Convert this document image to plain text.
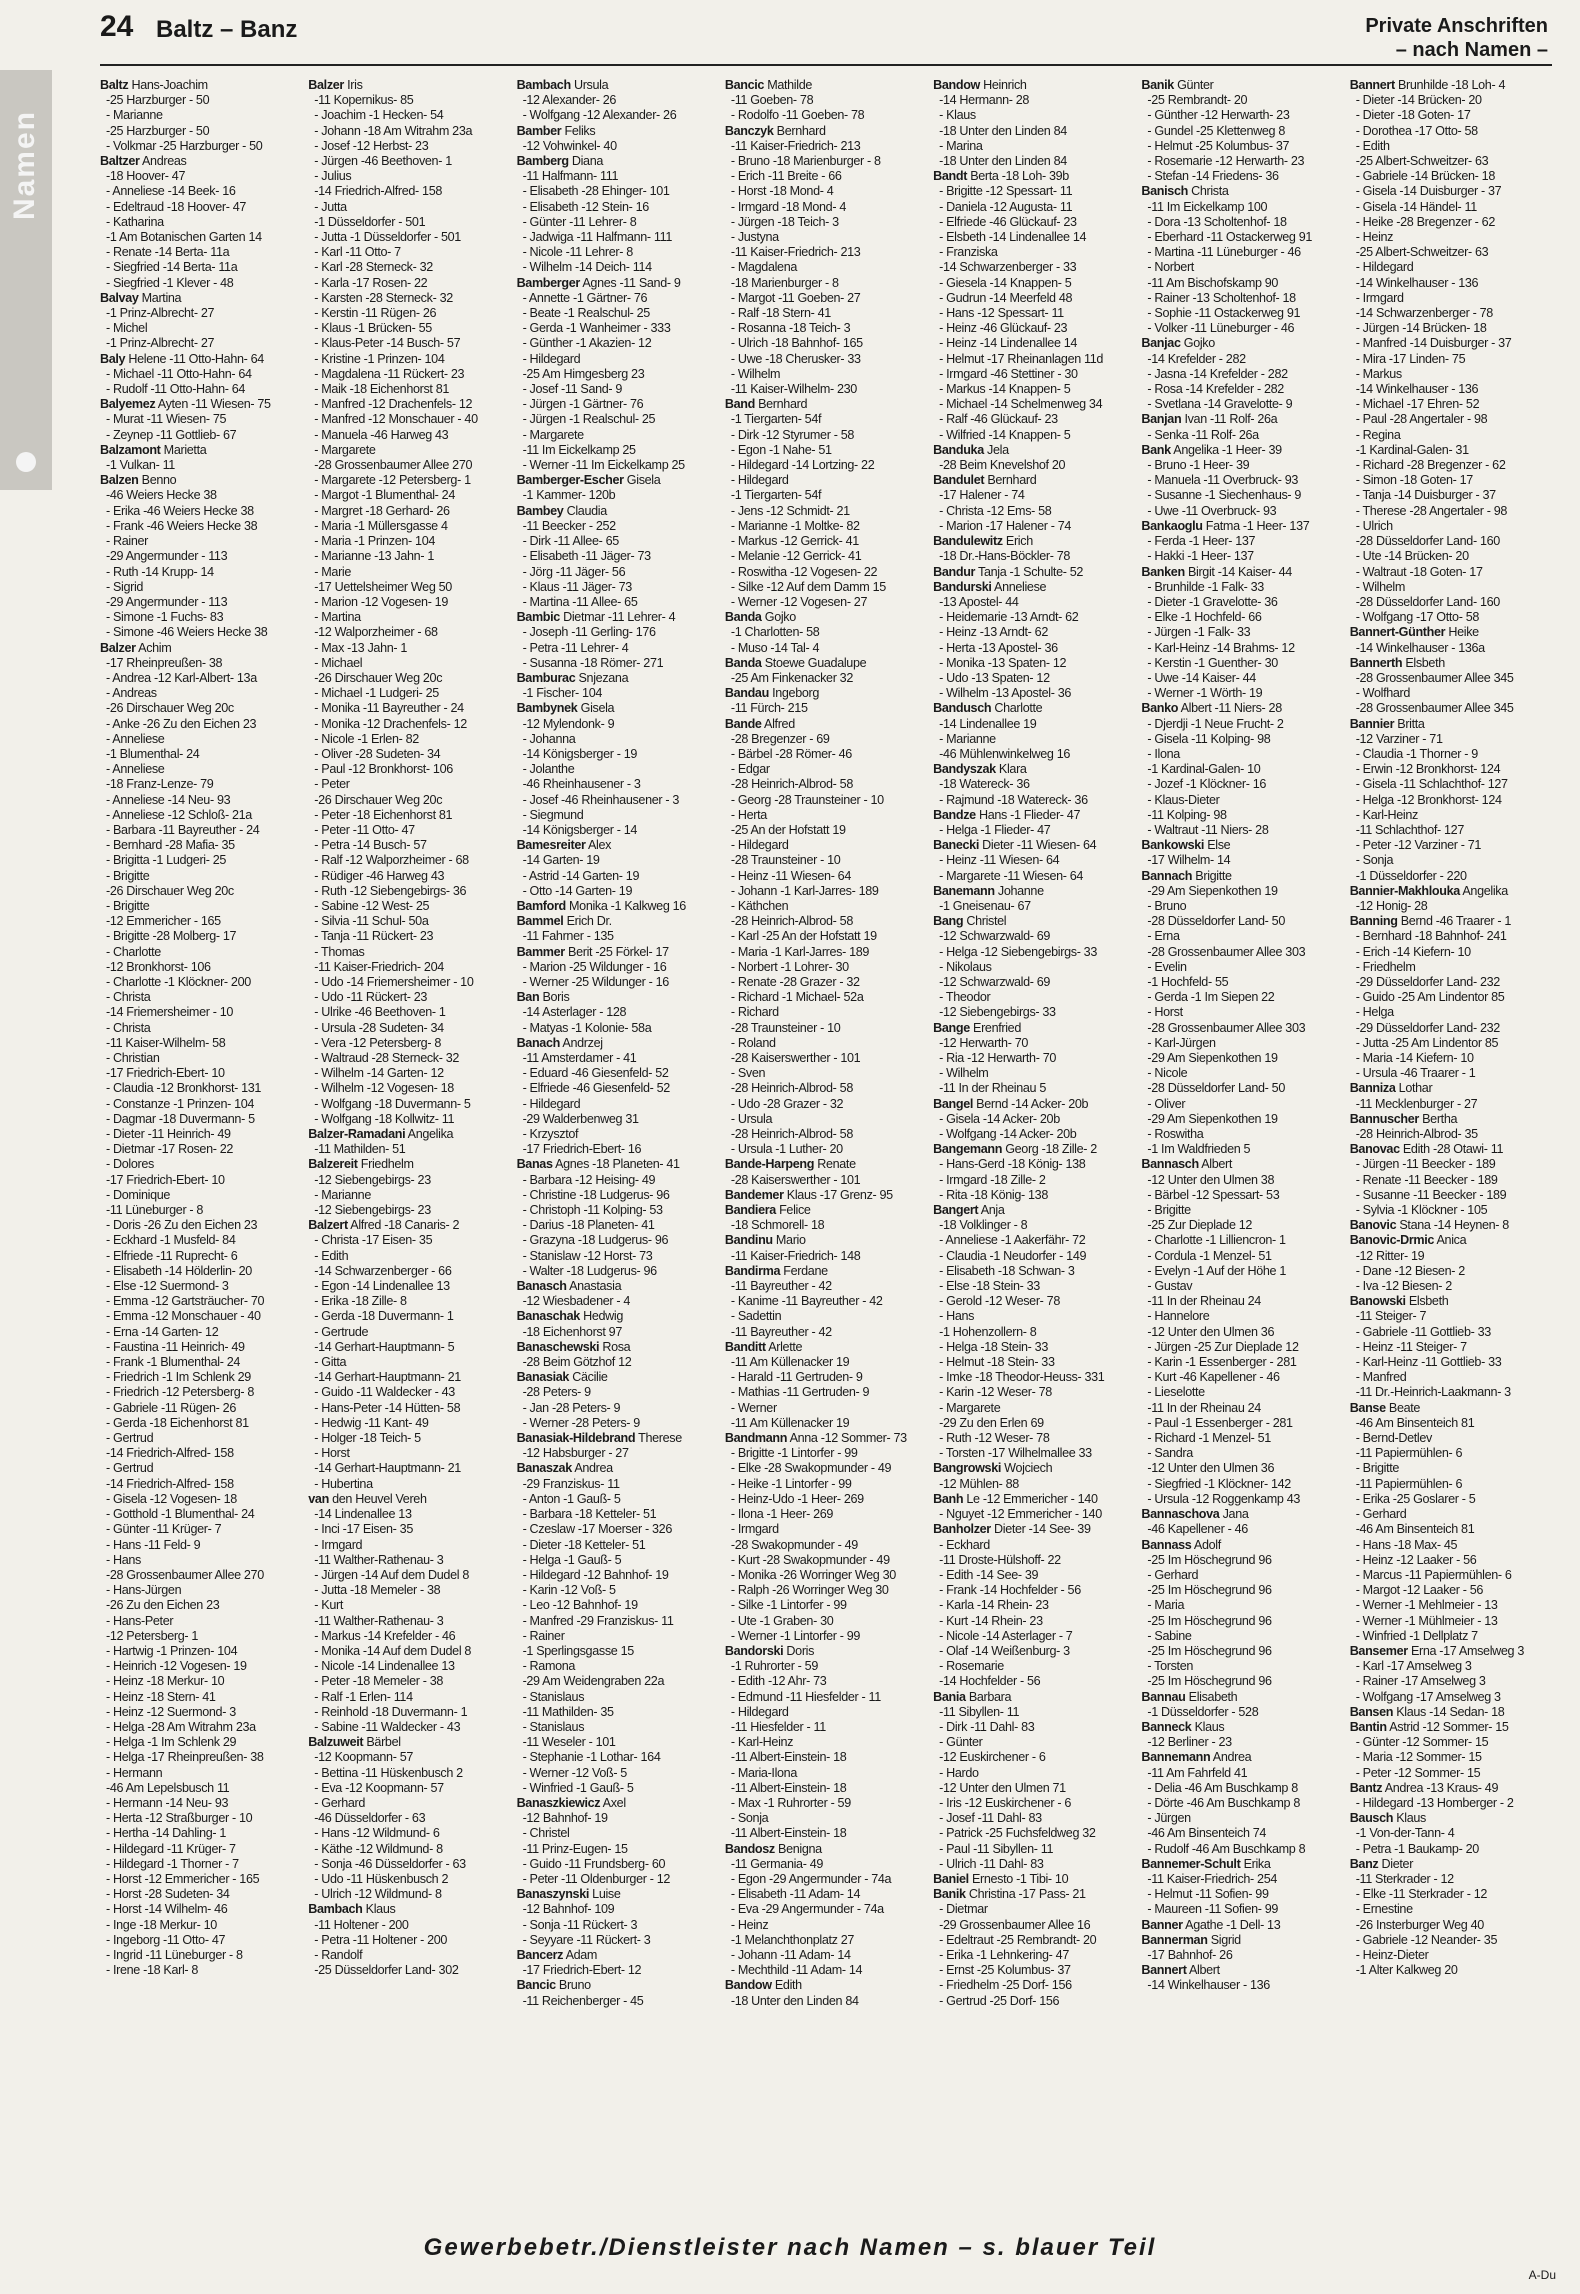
24 Baltz – Banz	Private Anschriften
– nach Namen –
Namen
Baltz Hans-Joachim
-25 Harzburger - 50
- Marianne
-25 Harzburger - 50
- Volkmar -25 Harzburger - 50
Baltzer Andreas
-18 Hoover- 47
- Anneliese -14 Beek- 16
- Edeltraud -18 Hoover- 47
- Katharina
-1 Am Botanischen Garten 14
- Renate -14 Berta- 11a
- Siegfried -14 Berta- 11a
- Siegfried -1 Klever - 48
Balvay Martina
-1 Prinz-Albrecht- 27
- Michel
-1 Prinz-Albrecht- 27
Baly Helene -11 Otto-Hahn- 64
- Michael -11 Otto-Hahn- 64
- Rudolf -11 Otto-Hahn- 64
Balyemez Ayten -11 Wiesen- 75
- Murat -11 Wiesen- 75
- Zeynep -11 Gottlieb- 67
Balzamont Marietta
-1 Vulkan- 11
Balzen Benno
-46 Weiers Hecke 38
- Erika -46 Weiers Hecke 38
- Frank -46 Weiers Hecke 38
- Rainer
-29 Angermunder - 113
- Ruth -14 Krupp- 14
- Sigrid
-29 Angermunder - 113
- Simone -1 Fuchs- 83
- Simone -46 Weiers Hecke 38
Balzer Achim
-17 Rheinpreußen- 38
- Andrea -12 Karl-Albert- 13a
- Andreas
-26 Dirschauer Weg 20c
- Anke -26 Zu den Eichen 23
- Anneliese
-1 Blumenthal- 24
- Anneliese
-18 Franz-Lenze- 79
- Anneliese -14 Neu- 93
- Anneliese -12 Schloß- 21a
- Barbara -11 Bayreuther - 24
- Bernhard -28 Mafia- 35
- Brigitta -1 Ludgeri- 25
- Brigitte
-26 Dirschauer Weg 20c
- Brigitte
-12 Emmericher - 165
- Brigitte -28 Molberg- 17
- Charlotte
-12 Bronkhorst- 106
- Charlotte -1 Klöckner- 200
- Christa
-14 Friemersheimer - 10
- Christa
-11 Kaiser-Wilhelm- 58
- Christian
-17 Friedrich-Ebert- 10
- Claudia -12 Bronkhorst- 131
- Constanze -1 Prinzen- 104
- Dagmar -18 Duvermann- 5
- Dieter -11 Heinrich- 49
- Dietmar -17 Rosen- 22
- Dolores
-17 Friedrich-Ebert- 10
- Dominique
-11 Lüneburger - 8
- Doris -26 Zu den Eichen 23
- Eckhard -1 Musfeld- 84
- Elfriede -11 Ruprecht- 6
- Elisabeth -14 Hölderlin- 20
- Else -12 Suermond- 3
- Emma -12 Gartsträucher- 70
- Emma -12 Monschauer - 40
- Erna -14 Garten- 12
- Faustina -11 Heinrich- 49
- Frank -1 Blumenthal- 24
- Friedrich -1 Im Schlenk 29
- Friedrich -12 Petersberg- 8
- Gabriele -11 Rügen- 26
- Gerda -18 Eichenhorst 81
- Gertrud
-14 Friedrich-Alfred- 158
- Gertrud
-14 Friedrich-Alfred- 158
- Gisela -12 Vogesen- 18
- Gotthold -1 Blumenthal- 24
- Günter -11 Krüger- 7
- Hans -11 Feld- 9
- Hans
-28 Grossenbaumer Allee 270
- Hans-Jürgen
-26 Zu den Eichen 23
- Hans-Peter
-12 Petersberg- 1
- Hartwig -1 Prinzen- 104
- Heinrich -12 Vogesen- 19
- Heinz -18 Merkur- 10
- Heinz -18 Stern- 41
- Heinz -12 Suermond- 3
- Helga -28 Am Witrahm 23a
- Helga -1 Im Schlenk 29
- Helga -17 Rheinpreußen- 38
- Hermann
-46 Am Lepelsbusch 11
- Hermann -14 Neu- 93
- Herta -12 Straßburger - 10
- Hertha -14 Dahling- 1
- Hildegard -11 Krüger- 7
- Hildegard -1 Thorner - 7
- Horst -12 Emmericher - 165
- Horst -28 Sudeten- 34
- Horst -14 Wilhelm- 46
- Inge -18 Merkur- 10
- Ingeborg -11 Otto- 47
- Ingrid -11 Lüneburger - 8
- Irene -18 Karl- 8
Balzer Iris
-11 Kopernikus- 85
- Joachim -1 Hecken- 54
- Johann -18 Am Witrahm 23a
- Josef -12 Herbst- 23
- Jürgen -46 Beethoven- 1
- Julius
-14 Friedrich-Alfred- 158
- Jutta
-1 Düsseldorfer - 501
- Jutta -1 Düsseldorfer - 501
- Karl -11 Otto- 7
- Karl -28 Sterneck- 32
- Karla -17 Rosen- 22
- Karsten -28 Sterneck- 32
- Kerstin -11 Rügen- 26
- Klaus -1 Brücken- 55
- Klaus-Peter -14 Busch- 57
- Kristine -1 Prinzen- 104
- Magdalena -11 Rückert- 23
- Maik -18 Eichenhorst 81
- Manfred -12 Drachenfels- 12
- Manfred -12 Monschauer - 40
- Manuela -46 Harweg 43
- Margarete
-28 Grossenbaumer Allee 270
- Margarete -12 Petersberg- 1
- Margot -1 Blumenthal- 24
- Margret -18 Gerhard- 26
- Maria -1 Müllersgasse 4
- Maria -1 Prinzen- 104
- Marianne -13 Jahn- 1
- Marie
-17 Uettelsheimer Weg 50
- Marion -12 Vogesen- 19
- Martina
-12 Walporzheimer - 68
- Max -13 Jahn- 1
- Michael
-26 Dirschauer Weg 20c
- Michael -1 Ludgeri- 25
- Monika -11 Bayreuther - 24
- Monika -12 Drachenfels- 12
- Nicole -1 Erlen- 82
- Oliver -28 Sudeten- 34
- Paul -12 Bronkhorst- 106
- Peter
-26 Dirschauer Weg 20c
- Peter -18 Eichenhorst 81
- Peter -11 Otto- 47
- Petra -14 Busch- 57
- Ralf -12 Walporzheimer - 68
- Rüdiger -46 Harweg 43
- Ruth -12 Siebengebirgs- 36
- Sabine -12 West- 25
- Silvia -11 Schul- 50a
- Tanja -11 Rückert- 23
- Thomas
-11 Kaiser-Friedrich- 204
- Udo -14 Friemersheimer - 10
- Udo -11 Rückert- 23
- Ulrike -46 Beethoven- 1
- Ursula -28 Sudeten- 34
- Vera -12 Petersberg- 8
- Waltraud -28 Sterneck- 32
- Wilhelm -14 Garten- 12
- Wilhelm -12 Vogesen- 18
- Wolfgang -18 Duvermann- 5
- Wolfgang -18 Kollwitz- 11
Balzer-Ramadani Angelika
-11 Mathilden- 51
Balzereit Friedhelm
-12 Siebengebirgs- 23
- Marianne
-12 Siebengebirgs- 23
Balzert Alfred -18 Canaris- 2
- Christa -17 Eisen- 35
- Edith
-14 Schwarzenberger - 66
- Egon -14 Lindenallee 13
- Erika -18 Zille- 8
- Gerda -18 Duvermann- 1
- Gertrude
-14 Gerhart-Hauptmann- 5
- Gitta
-14 Gerhart-Hauptmann- 21
- Guido -11 Waldecker - 43
- Hans-Peter -14 Hütten- 58
- Hedwig -11 Kant- 49
- Holger -18 Teich- 5
- Horst
-14 Gerhart-Hauptmann- 21
- Hubertina
van den Heuvel Vereh
-14 Lindenallee 13
- Inci -17 Eisen- 35
- Irmgard
-11 Walther-Rathenau- 3
- Jürgen -14 Auf dem Dudel 8
- Jutta -18 Memeler - 38
- Kurt
-11 Walther-Rathenau- 3
- Markus -14 Krefelder - 46
- Monika -14 Auf dem Dudel 8
- Nicole -14 Lindenallee 13
- Peter -18 Memeler - 38
- Ralf -1 Erlen- 114
- Reinhold -18 Duvermann- 1
- Sabine -11 Waldecker - 43
Balzuweit Bärbel
-12 Koopmann- 57
- Bettina -11 Hüskenbusch 2
- Eva -12 Koopmann- 57
- Gerhard
-46 Düsseldorfer - 63
- Hans -12 Wildmund- 6
- Käthe -12 Wildmund- 8
- Sonja -46 Düsseldorfer - 63
- Udo -11 Hüskenbusch 2
- Ulrich -12 Wildmund- 8
Bambach Klaus
-11 Holtener - 200
- Petra -11 Holtener - 200
- Randolf
-25 Düsseldorfer Land- 302
Bambach Ursula
-12 Alexander- 26
- Wolfgang -12 Alexander- 26
Bamber Feliks
-12 Vohwinkel- 40
Bamberg Diana
-11 Halfmann- 111
- Elisabeth -28 Ehinger- 101
- Elisabeth -12 Stein- 16
- Günter -11 Lehrer- 8
- Jadwiga -11 Halfmann- 111
- Nicole -11 Lehrer- 8
- Wilhelm -14 Deich- 114
Bamberger Agnes -11 Sand- 9
- Annette -1 Gärtner- 76
- Beate -1 Realschul- 25
- Gerda -1 Wanheimer - 333
- Günther -1 Akazien- 12
- Hildegard
-25 Am Himgesberg 23
- Josef -11 Sand- 9
- Jürgen -1 Gärtner- 76
- Jürgen -1 Realschul- 25
- Margarete
-11 Im Eickelkamp 25
- Werner -11 Im Eickelkamp 25
Bamberger-Escher Gisela
-1 Kammer- 120b
Bambey Claudia
-11 Beecker - 252
- Dirk -11 Allee- 65
- Elisabeth -11 Jäger- 73
- Jörg -11 Jäger- 56
- Klaus -11 Jäger- 73
- Martina -11 Allee- 65
Bambic Dietmar -11 Lehrer- 4
- Joseph -11 Gerling- 176
- Petra -11 Lehrer- 4
- Susanna -18 Römer- 271
Bamburac Snjezana
-1 Fischer- 104
Bambynek Gisela
-12 Mylendonk- 9
- Johanna
-14 Königsberger - 19
- Jolanthe
-46 Rheinhausener - 3
- Josef -46 Rheinhausener - 3
- Siegmund
-14 Königsberger - 14
Bamesreiter Alex
-14 Garten- 19
- Astrid -14 Garten- 19
- Otto -14 Garten- 19
Bamford Monika -1 Kalkweg 16
Bammel Erich Dr.
-11 Fahrner - 135
Bammer Berit -25 Förkel- 17
- Marion -25 Wildunger - 16
- Werner -25 Wildunger - 16
Ban Boris
-14 Asterlager - 128
- Matyas -1 Kolonie- 58a
Banach Andrzej
-11 Amsterdamer - 41
- Eduard -46 Giesenfeld- 52
- Elfriede -46 Giesenfeld- 52
- Hildegard
-29 Walderbenweg 31
- Krzysztof
-17 Friedrich-Ebert- 16
Banas Agnes -18 Planeten- 41
- Barbara -12 Heising- 49
- Christine -18 Ludgerus- 96
- Christoph -11 Kolping- 53
- Darius -18 Planeten- 41
- Grazyna -18 Ludgerus- 96
- Stanislaw -12 Horst- 73
- Walter -18 Ludgerus- 96
Banasch Anastasia
-12 Wiesbadener - 4
Banaschak Hedwig
-18 Eichenhorst 97
Banaschewski Rosa
-28 Beim Götzhof 12
Banasiak Cäcilie
-28 Peters- 9
- Jan -28 Peters- 9
- Werner -28 Peters- 9
Banasiak-Hildebrand Therese
-12 Habsburger - 27
Banaszak Andrea
-29 Franziskus- 11
- Anton -1 Gauß- 5
- Barbara -18 Ketteler- 51
- Czeslaw -17 Moerser - 326
- Dieter -18 Ketteler- 51
- Helga -1 Gauß- 5
- Hildegard -12 Bahnhof- 19
- Karin -12 Voß- 5
- Leo -12 Bahnhof- 19
- Manfred -29 Franziskus- 11
- Rainer
-1 Sperlingsgasse 15
- Ramona
-29 Am Weidengraben 22a
- Stanislaus
-11 Mathilden- 35
- Stanislaus
-11 Weseler - 101
- Stephanie -1 Lothar- 164
- Werner -12 Voß- 5
- Winfried -1 Gauß- 5
Banaszkiewicz Axel
-12 Bahnhof- 19
- Christel
-11 Prinz-Eugen- 15
- Guido -11 Frundsberg- 60
- Peter -11 Oldenburger - 12
Banaszynski Luise
-12 Bahnhof- 109
- Sonja -11 Rückert- 3
- Seyyare -11 Rückert- 3
Bancerz Adam
-17 Friedrich-Ebert- 12
Bancic Bruno
-11 Reichenberger - 45
Bancic Mathilde
-11 Goeben- 78
- Rodolfo -11 Goeben- 78
Banczyk Bernhard
-11 Kaiser-Friedrich- 213
- Bruno -18 Marienburger - 8
- Erich -11 Breite - 66
- Horst -18 Mond- 4
- Irmgard -18 Mond- 4
- Jürgen -18 Teich- 3
- Justyna
-11 Kaiser-Friedrich- 213
- Magdalena
-18 Marienburger - 8
- Margot -11 Goeben- 27
- Ralf -18 Stern- 41
- Rosanna -18 Teich- 3
- Ulrich -18 Bahnhof- 165
- Uwe -18 Cherusker- 33
- Wilhelm
-11 Kaiser-Wilhelm- 230
Band Bernhard
-1 Tiergarten- 54f
- Dirk -12 Styrumer - 58
- Egon -1 Nahe- 51
- Hildegard -14 Lortzing- 22
- Hildegard
-1 Tiergarten- 54f
- Jens -12 Schmidt- 21
- Marianne -1 Moltke- 82
- Markus -12 Gerrick- 41
- Melanie -12 Gerrick- 41
- Roswitha -12 Vogesen- 22
- Silke -12 Auf dem Damm 15
- Werner -12 Vogesen- 27
Banda Gojko
-1 Charlotten- 58
- Muso -14 Tal- 4
Banda Stoewe Guadalupe
-25 Am Finkenacker 32
Bandau Ingeborg
-11 Fürch- 215
Bande Alfred
-28 Bregenzer - 69
- Bärbel -28 Römer- 46
- Edgar
-28 Heinrich-Albrod- 58
- Georg -28 Traunsteiner - 10
- Herta
-25 An der Hofstatt 19
- Hildegard
-28 Traunsteiner - 10
- Heinz -11 Wiesen- 64
- Johann -1 Karl-Jarres- 189
- Käthchen
-28 Heinrich-Albrod- 58
- Karl -25 An der Hofstatt 19
- Maria -1 Karl-Jarres- 189
- Norbert -1 Lohrer- 30
- Renate -28 Grazer - 32
- Richard -1 Michael- 52a
- Richard
-28 Traunsteiner - 10
- Roland
-28 Kaiserswerther - 101
- Sven
-28 Heinrich-Albrod- 58
- Udo -28 Grazer - 32
- Ursula
-28 Heinrich-Albrod- 58
- Ursula -1 Luther- 20
Bande-Harpeng Renate
-28 Kaiserswerther - 101
Bandemer Klaus -17 Grenz- 95
Bandiera Felice
-18 Schmorell- 18
Bandinu Mario
-11 Kaiser-Friedrich- 148
Bandirma Ferdane
-11 Bayreuther - 42
- Kanime -11 Bayreuther - 42
- Sadettin
-11 Bayreuther - 42
Banditt Arlette
-11 Am Küllenacker 19
- Harald -11 Gertruden- 9
- Mathias -11 Gertruden- 9
- Werner
-11 Am Küllenacker 19
Bandmann Anna -12 Sommer- 73
- Brigitte -1 Lintorfer - 99
- Elke -28 Swakopmunder - 49
- Heike -1 Lintorfer - 99
- Heinz-Udo -1 Heer- 269
- Ilona -1 Heer- 269
- Irmgard
-28 Swakopmunder - 49
- Kurt -28 Swakopmunder - 49
- Monika -26 Worringer Weg 30
- Ralph -26 Worringer Weg 30
- Silke -1 Lintorfer - 99
- Ute -1 Graben- 30
- Werner -1 Lintorfer - 99
Bandorski Doris
-1 Ruhrorter - 59
- Edith -12 Ahr- 73
- Edmund -11 Hiesfelder - 11
- Hildegard
-11 Hiesfelder - 11
- Karl-Heinz
-11 Albert-Einstein- 18
- Maria-Ilona
-11 Albert-Einstein- 18
- Max -1 Ruhrorter - 59
- Sonja
-11 Albert-Einstein- 18
Bandosz Benigna
-11 Germania- 49
- Egon -29 Angermunder - 74a
- Elisabeth -11 Adam- 14
- Eva -29 Angermunder - 74a
- Heinz
-1 Melanchthonplatz 27
- Johann -11 Adam- 14
- Mechthild -11 Adam- 14
Bandow Edith
-18 Unter den Linden 84
Bandow Heinrich
-14 Hermann- 28
- Klaus
-18 Unter den Linden 84
- Marina
-18 Unter den Linden 84
Bandt Berta -18 Loh- 39b
- Brigitte -12 Spessart- 11
- Daniela -12 Augusta- 11
- Elfriede -46 Glückauf- 23
- Elsbeth -14 Lindenallee 14
- Franziska
-14 Schwarzenberger - 33
- Giesela -14 Knappen- 5
- Gudrun -14 Meerfeld 48
- Hans -12 Spessart- 11
- Heinz -46 Glückauf- 23
- Heinz -14 Lindenallee 14
- Helmut -17 Rheinanlagen 11d
- Irmgard -46 Stettiner - 30
- Markus -14 Knappen- 5
- Michael -14 Schelmenweg 34
- Ralf -46 Glückauf- 23
- Wilfried -14 Knappen- 5
Banduka Jela
-28 Beim Knevelshof 20
Bandulet Bernhard
-17 Halener - 74
- Christa -12 Ems- 58
- Marion -17 Halener - 74
Bandulewitz Erich
-18 Dr.-Hans-Böckler- 78
Bandur Tanja -1 Schulte- 52
Bandurski Anneliese
-13 Apostel- 44
- Heidemarie -13 Arndt- 62
- Heinz -13 Arndt- 62
- Herta -13 Apostel- 36
- Monika -13 Spaten- 12
- Udo -13 Spaten- 12
- Wilhelm -13 Apostel- 36
Bandusch Charlotte
-14 Lindenallee 19
- Marianne
-46 Mühlenwinkelweg 16
Bandyszak Klara
-18 Watereck- 36
- Rajmund -18 Watereck- 36
Bandze Hans -1 Flieder- 47
- Helga -1 Flieder- 47
Banecki Dieter -11 Wiesen- 64
- Heinz -11 Wiesen- 64
- Margarete -11 Wiesen- 64
Banemann Johanne
-1 Gneisenau- 67
Bang Christel
-12 Schwarzwald- 69
- Helga -12 Siebengebirgs- 33
- Nikolaus
-12 Schwarzwald- 69
- Theodor
-12 Siebengebirgs- 33
Bange Erenfried
-12 Herwarth- 70
- Ria -12 Herwarth- 70
- Wilhelm
-11 In der Rheinau 5
Bangel Bernd -14 Acker- 20b
- Gisela -14 Acker- 20b
- Wolfgang -14 Acker- 20b
Bangemann Georg -18 Zille- 2
- Hans-Gerd -18 König- 138
- Irmgard -18 Zille- 2
- Rita -18 König- 138
Bangert Anja
-18 Volklinger - 8
- Anneliese -1 Aakerfähr- 72
- Claudia -1 Neudorfer - 149
- Elisabeth -18 Schwan- 3
- Else -18 Stein- 33
- Gerold -12 Weser- 78
- Hans
-1 Hohenzollern- 8
- Helga -18 Stein- 33
- Helmut -18 Stein- 33
- Imke -18 Theodor-Heuss- 331
- Karin -12 Weser- 78
- Margarete
-29 Zu den Erlen 69
- Ruth -12 Weser- 78
- Torsten -17 Wilhelmallee 33
Bangrowski Wojciech
-12 Mühlen- 88
Banh Le -12 Emmericher - 140
- Nguyet -12 Emmericher - 140
Banholzer Dieter -14 See- 39
- Eckhard
-11 Droste-Hülshoff- 22
- Edith -14 See- 39
- Frank -14 Hochfelder - 56
- Karla -14 Rhein- 23
- Kurt -14 Rhein- 23
- Nicole -14 Asterlager - 7
- Olaf -14 Weißenburg- 3
- Rosemarie
-14 Hochfelder - 56
Bania Barbara
-11 Sibyllen- 11
- Dirk -11 Dahl- 83
- Günter
-12 Euskirchener - 6
- Hardo
-12 Unter den Ulmen 71
- Iris -12 Euskirchener - 6
- Josef -11 Dahl- 83
- Patrick -25 Fuchsfeldweg 32
- Paul -11 Sibyllen- 11
- Ulrich -11 Dahl- 83
Baniel Ernesto -1 Tibi- 10
Banik Christina -17 Pass- 21
- Dietmar
-29 Grossenbaumer Allee 16
- Edeltraut -25 Rembrandt- 20
- Erika -1 Lehnkering- 47
- Ernst -25 Kolumbus- 37
- Friedhelm -25 Dorf- 156
- Gertrud -25 Dorf- 156
Banik Günter
-25 Rembrandt- 20
- Günther -12 Herwarth- 23
- Gundel -25 Klettenweg 8
- Helmut -25 Kolumbus- 37
- Rosemarie -12 Herwarth- 23
- Stefan -14 Friedens- 36
Banisch Christa
-11 Im Eickelkamp 100
- Dora -13 Scholtenhof- 18
- Eberhard -11 Ostackerweg 91
- Martina -11 Lüneburger - 46
- Norbert
-11 Am Bischofskamp 90
- Rainer -13 Scholtenhof- 18
- Sophie -11 Ostackerweg 91
- Volker -11 Lüneburger - 46
Banjac Gojko
-14 Krefelder - 282
- Jasna -14 Krefelder - 282
- Rosa -14 Krefelder - 282
- Svetlana -14 Gravelotte- 9
Banjan Ivan -11 Rolf- 26a
- Senka -11 Rolf- 26a
Bank Angelika -1 Heer- 39
- Bruno -1 Heer- 39
- Manuela -11 Overbruck- 93
- Susanne -1 Siechenhaus- 9
- Uwe -11 Overbruck- 93
Bankaoglu Fatma -1 Heer- 137
- Ferda -1 Heer- 137
- Hakki -1 Heer- 137
Banken Birgit -14 Kaiser- 44
- Brunhilde -1 Falk- 33
- Dieter -1 Gravelotte- 36
- Elke -1 Hochfeld- 66
- Jürgen -1 Falk- 33
- Karl-Heinz -14 Brahms- 12
- Kerstin -1 Guenther- 30
- Uwe -14 Kaiser- 44
- Werner -1 Wörth- 19
Banko Albert -11 Niers- 28
- Djerdji -1 Neue Frucht- 2
- Gisela -11 Kolping- 98
- Ilona
-1 Kardinal-Galen- 10
- Jozef -1 Klöckner- 16
- Klaus-Dieter
-11 Kolping- 98
- Waltraut -11 Niers- 28
Bankowski Else
-17 Wilhelm- 14
Bannach Brigitte
-29 Am Siepenkothen 19
- Bruno
-28 Düsseldorfer Land- 50
- Erna
-28 Grossenbaumer Allee 303
- Evelin
-1 Hochfeld- 55
- Gerda -1 Im Siepen 22
- Horst
-28 Grossenbaumer Allee 303
- Karl-Jürgen
-29 Am Siepenkothen 19
- Nicole
-28 Düsseldorfer Land- 50
- Oliver
-29 Am Siepenkothen 19
- Roswitha
-1 Im Waldfrieden 5
Bannasch Albert
-12 Unter den Ulmen 38
- Bärbel -12 Spessart- 53
- Brigitte
-25 Zur Dieplade 12
- Charlotte -1 Lilliencron- 1
- Cordula -1 Menzel- 51
- Evelyn -1 Auf der Höhe 1
- Gustav
-11 In der Rheinau 24
- Hannelore
-12 Unter den Ulmen 36
- Jürgen -25 Zur Dieplade 12
- Karin -1 Essenberger - 281
- Kurt -46 Kapellener - 46
- Lieselotte
-11 In der Rheinau 24
- Paul -1 Essenberger - 281
- Richard -1 Menzel- 51
- Sandra
-12 Unter den Ulmen 36
- Siegfried -1 Klöckner- 142
- Ursula -12 Roggenkamp 43
Bannaschova Jana
-46 Kapellener - 46
Bannass Adolf
-25 Im Höschegrund 96
- Gerhard
-25 Im Höschegrund 96
- Maria
-25 Im Höschegrund 96
- Sabine
-25 Im Höschegrund 96
- Torsten
-25 Im Höschegrund 96
Bannau Elisabeth
-1 Düsseldorfer - 528
Banneck Klaus
-12 Berliner - 23
Bannemann Andrea
-11 Am Fahrfeld 41
- Delia -46 Am Buschkamp 8
- Dörte -46 Am Buschkamp 8
- Jürgen
-46 Am Binsenteich 74
- Rudolf -46 Am Buschkamp 8
Bannemer-Schult Erika
-11 Kaiser-Friedrich- 254
- Helmut -11 Sofien- 99
- Maureen -11 Sofien- 99
Banner Agathe -1 Dell- 13
Bannerman Sigrid
-17 Bahnhof- 26
Bannert Albert
-14 Winkelhauser - 136
Bannert Brunhilde -18 Loh- 4
- Dieter -14 Brücken- 20
- Dieter -18 Goten- 17
- Dorothea -17 Otto- 58
- Edith
-25 Albert-Schweitzer- 63
- Gabriele -14 Brücken- 18
- Gisela -14 Duisburger - 37
- Gisela -14 Händel- 11
- Heike -28 Bregenzer - 62
- Heinz
-25 Albert-Schweitzer- 63
- Hildegard
-14 Winkelhauser - 136
- Irmgard
-14 Schwarzenberger - 78
- Jürgen -14 Brücken- 18
- Manfred -14 Duisburger - 37
- Mira -17 Linden- 75
- Markus
-14 Winkelhauser - 136
- Michael -17 Ehren- 52
- Paul -28 Angertaler - 98
- Regina
-1 Kardinal-Galen- 31
- Richard -28 Bregenzer - 62
- Simon -18 Goten- 17
- Tanja -14 Duisburger - 37
- Therese -28 Angertaler - 98
- Ulrich
-28 Düsseldorfer Land- 160
- Ute -14 Brücken- 20
- Waltraut -18 Goten- 17
- Wilhelm
-28 Düsseldorfer Land- 160
- Wolfgang -17 Otto- 58
Bannert-Günther Heike
-14 Winkelhauser - 136a
Bannerth Elsbeth
-28 Grossenbaumer Allee 345
- Wolfhard
-28 Grossenbaumer Allee 345
Bannier Britta
-12 Varziner - 71
- Claudia -1 Thorner - 9
- Erwin -12 Bronkhorst- 124
- Gisela -11 Schlachthof- 127
- Helga -12 Bronkhorst- 124
- Karl-Heinz
-11 Schlachthof- 127
- Peter -12 Varziner - 71
- Sonja
-1 Düsseldorfer - 220
Bannier-Makhlouka Angelika
-12 Honig- 28
Banning Bernd -46 Traarer - 1
- Bernhard -18 Bahnhof- 241
- Erich -14 Kiefern- 10
- Friedhelm
-29 Düsseldorfer Land- 232
- Guido -25 Am Lindentor 85
- Helga
-29 Düsseldorfer Land- 232
- Jutta -25 Am Lindentor 85
- Maria -14 Kiefern- 10
- Ursula -46 Traarer - 1
Banniza Lothar
-11 Mecklenburger - 27
Bannuscher Bertha
-28 Heinrich-Albrod- 35
Banovac Edith -28 Otawi- 11
- Jürgen -11 Beecker - 189
- Renate -11 Beecker - 189
- Susanne -11 Beecker - 189
- Sylvia -1 Klöckner - 105
Banovic Stana -14 Heynen- 8
Banovic-Drmic Anica
-12 Ritter- 19
- Dane -12 Biesen- 2
- Iva -12 Biesen- 2
Banowski Elsbeth
-11 Steiger- 7
- Gabriele -11 Gottlieb- 33
- Heinz -11 Steiger- 7
- Karl-Heinz -11 Gottlieb- 33
- Manfred
-11 Dr.-Heinrich-Laakmann- 3
Banse Beate
-46 Am Binsenteich 81
- Bernd-Detlev
-11 Papiermühlen- 6
- Brigitte
-11 Papiermühlen- 6
- Erika -25 Goslarer - 5
- Gerhard
-46 Am Binsenteich 81
- Hans -18 Max- 45
- Heinz -12 Laaker - 56
- Marcus -11 Papiermühlen- 6
- Margot -12 Laaker - 56
- Werner -1 Mehlmeier - 13
- Werner -1 Mühlmeier - 13
- Winfried -1 Dellplatz 7
Bansemer Erna -17 Amselweg 3
- Karl -17 Amselweg 3
- Rainer -17 Amselweg 3
- Wolfgang -17 Amselweg 3
Bansen Klaus -14 Sedan- 18
Bantin Astrid -12 Sommer- 15
- Günter -12 Sommer- 15
- Maria -12 Sommer- 15
- Peter -12 Sommer- 15
Bantz Andrea -13 Kraus- 49
- Hildegard -13 Homberger - 2
Bausch Klaus
-1 Von-der-Tann- 4
- Petra -1 Baukamp- 20
Banz Dieter
-11 Sterkrader - 12
- Elke -11 Sterkrader - 12
- Ernestine
-26 Insterburger Weg 40
- Gabriele -12 Neander- 35
- Heinz-Dieter
-1 Alter Kalkweg 20
Gewerbebetr./Dienstleister nach Namen – s. blauer Teil
A-Du
